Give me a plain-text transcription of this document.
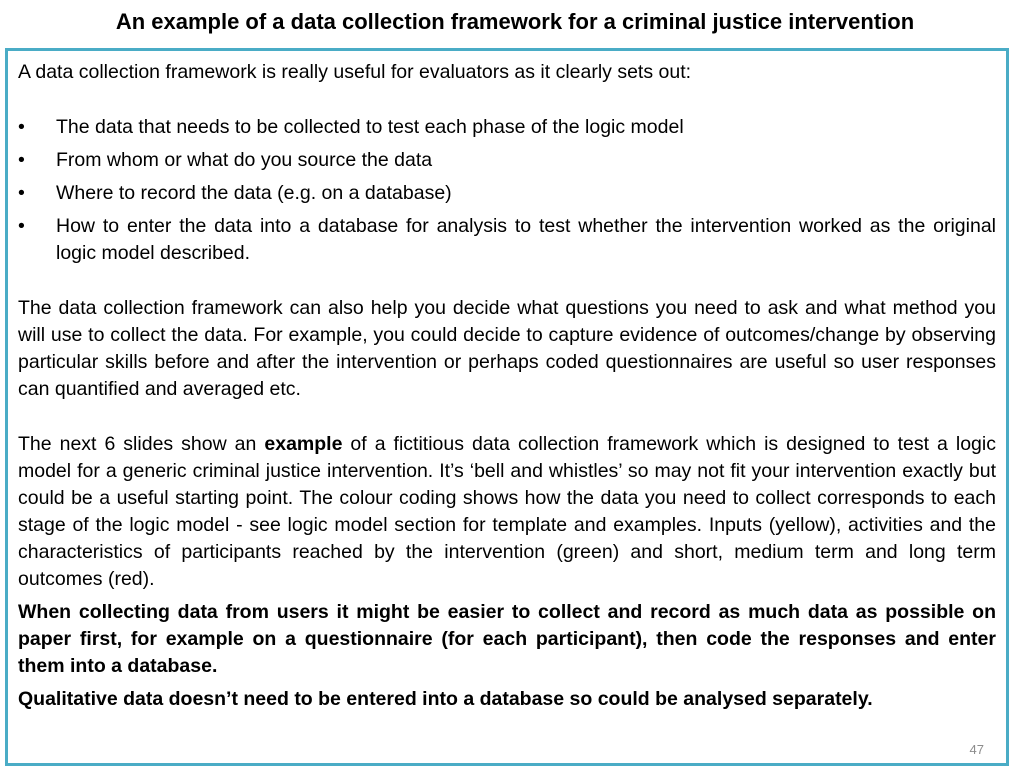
An example of a data collection framework for a criminal justice intervention

A data collection framework is really useful for evaluators as it clearly sets out:

• The data that needs to be collected to test each phase of the logic model
• From whom or what do you source the data
• Where to record the data (e.g. on a database)
• How to enter the data into a database for analysis to test whether the intervention worked as the original logic model described.

The data collection framework can also help you decide what questions you need to ask and what method you will use to collect the data. For example, you could decide to capture evidence of outcomes/change by observing particular skills before and after the intervention or perhaps coded questionnaires are useful so user responses can quantified and averaged etc.

The next 6 slides show an example of a fictitious data collection framework which is designed to test a logic model for a generic criminal justice intervention. It’s ‘bell and whistles’ so may not fit your intervention exactly but could be a useful starting point. The colour coding shows how the data you need to collect corresponds to each stage of the logic model - see logic model section for template and examples. Inputs (yellow), activities and the characteristics of participants reached by the intervention (green) and short, medium term and long term outcomes (red).

When collecting data from users it might be easier to collect and record as much data as possible on paper first, for example on a questionnaire (for each participant), then code the responses and enter them into a database.

Qualitative data doesn’t need to be entered into a database so could be analysed separately.

47
